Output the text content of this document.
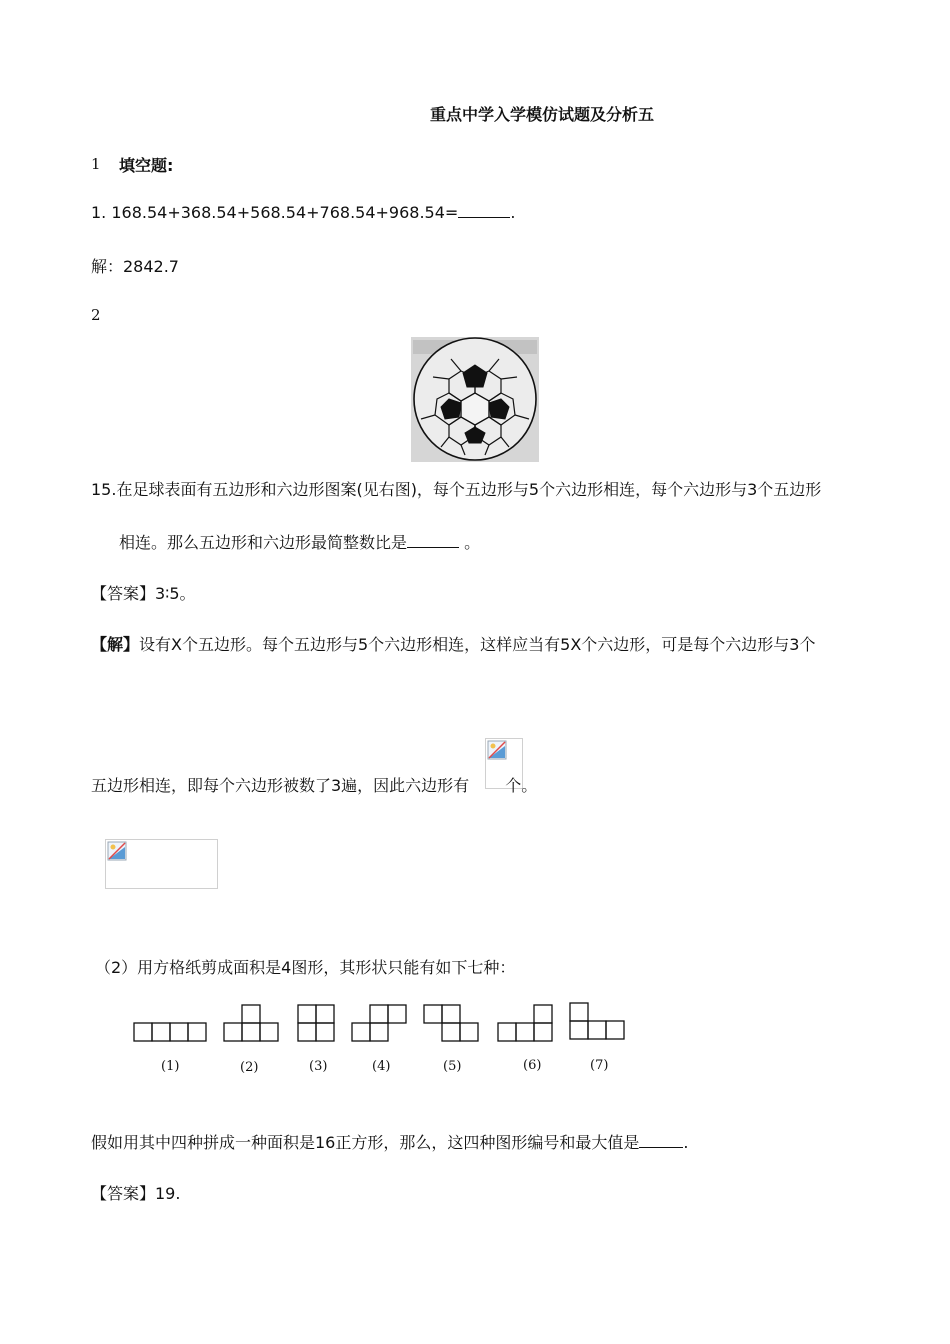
重点中学入学模仿试题及分析五
1 填空题:
1. 168.54+368.54+568.54+768.54+968.54=	.
解：2842.7
2
15.在足球表面有五边形和六边形图案(见右图)，每个五边形与5个六边形相连，每个六边形与3个五边形
相连。那么五边形和六边形最简整数比是	。
【答案】3∶5。
【解】设有X个五边形。每个五边形与5个六边形相连，这样应当有5X个六边形，可是每个六边形与3个
五边形相连，即每个六边形被数了3遍，因此六边形有 个。
（2）用方格纸剪成面积是4图形，其形状只能有如下七种：
(1)	(2)	(3)	(4)	(5)	(6)	(7)
假如用其中四种拼成一种面积是16正方形，那么，这四种图形编号和最大值是	.
【答案】19.
